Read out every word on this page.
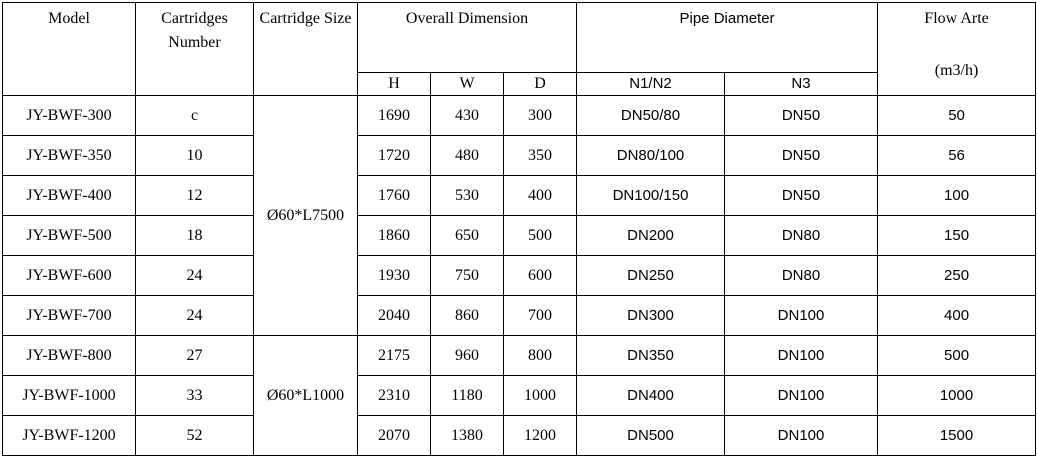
Model	Cartridges Number	Cartridge Size	Overall Dimension			Pipe Diameter		Flow Arte
(m3/h)

			H	W	D	N1/N2	N3	
JY-BWF-300	c	Ø60*L7500	1690	430	300	DN50/80	DN50	50
JY-BWF-350	10		1720	480	350	DN80/100	DN50	56
JY-BWF-400	12		1760	530	400	DN100/150	DN50	100
JY-BWF-500	18		1860	650	500	DN200	DN80	150
JY-BWF-600	24		1930	750	600	DN250	DN80	250
JY-BWF-700	24		2040	860	700	DN300	DN100	400
JY-BWF-800	27	Ø60*L1000	2175	960	800	DN350	DN100	500
JY-BWF-1000	33		2310	1180	1000	DN400	DN100	1000
JY-BWF-1200	52		2070	1380	1200	DN500	DN100	1500
